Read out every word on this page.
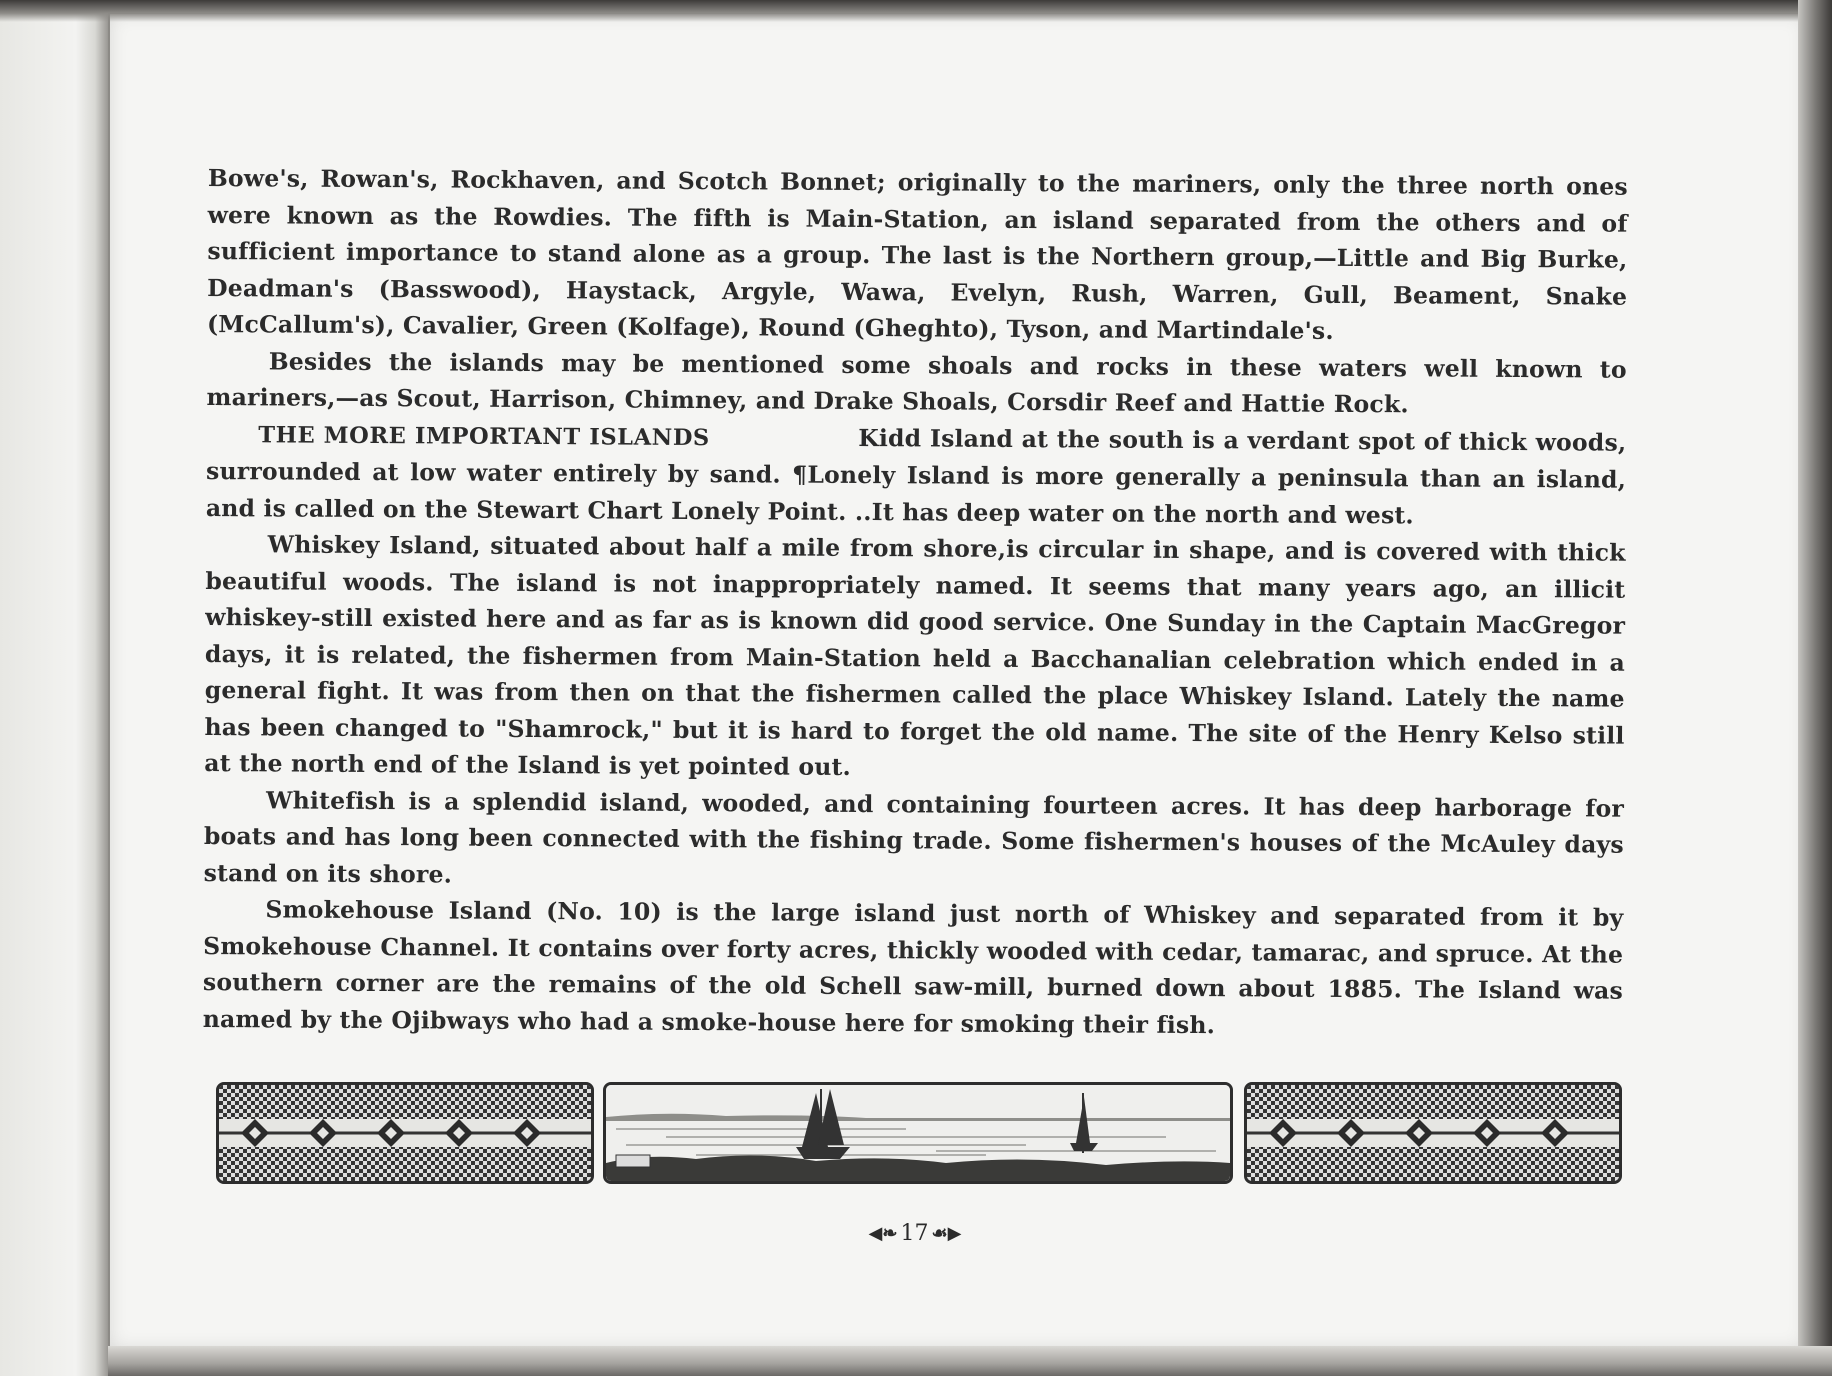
Bowe's, Rowan's, Rockhaven, and Scotch Bonnet; originally to the mariners, only the three north ones were known as the Rowdies. The fifth is Main-Station, an island separated from the others and of sufficient importance to stand alone as a group. The last is the Northern group,—Little and Big Burke, Deadman's (Basswood), Haystack, Argyle, Wawa, Evelyn, Rush, Warren, Gull, Beament, Snake (McCallum's), Cavalier, Green (Kolfage), Round (Gheghto), Tyson, and Martindale's.

Besides the islands may be mentioned some shoals and rocks in these waters well known to mariners,—as Scout, Harrison, Chimney, and Drake Shoals, Corsdir Reef and Hattie Rock.

THE MORE IMPORTANT ISLANDS	Kidd Island at the south is a verdant spot of thick woods, surrounded at low water entirely by sand. ¶Lonely Island is more generally a peninsula than an island, and is called on the Stewart Chart Lonely Point. ..It has deep water on the north and west.

Whiskey Island, situated about half a mile from shore,is circular in shape, and is covered with thick beautiful woods. The island is not inappropriately named. It seems that many years ago, an illicit whiskey-still existed here and as far as is known did good service. One Sunday in the Captain MacGregor days, it is related, the fishermen from Main-Station held a Bacchanalian celebration which ended in a general fight. It was from then on that the fishermen called the place Whiskey Island. Lately the name has been changed to "Shamrock," but it is hard to forget the old name. The site of the Henry Kelso still at the north end of the Island is yet pointed out.

Whitefish is a splendid island, wooded, and containing fourteen acres. It has deep harborage for boats and has long been connected with the fishing trade. Some fishermen's houses of the McAuley days stand on its shore.

Smokehouse Island (No. 10) is the large island just north of Whiskey and separated from it by Smokehouse Channel. It contains over forty acres, thickly wooded with cedar, tamarac, and spruce. At the southern corner are the remains of the old Schell saw-mill, burned down about 1885. The Island was named by the Ojibways who had a smoke-house here for smoking their fish.

◀❧ 17 ☙▶
